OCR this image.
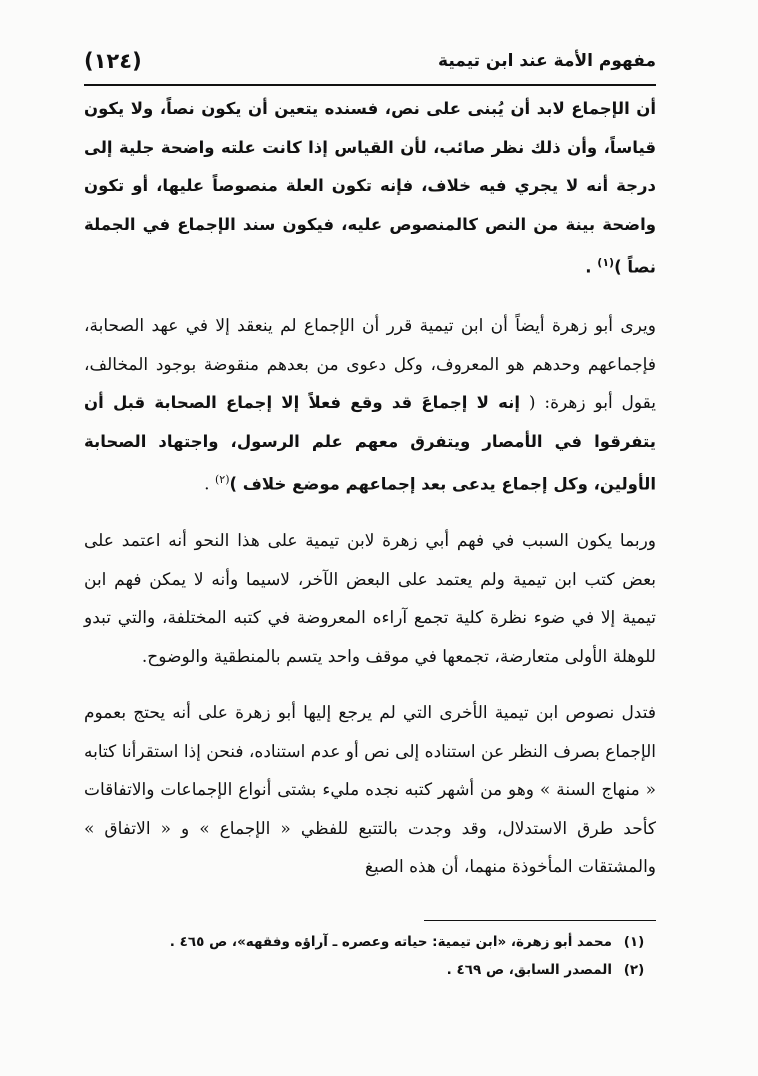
مفهوم الأمة عند ابن تيمية
(١٢٤)

أن الإجماع لابد أن يُبنى على نص، فسنده يتعين أن يكون نصاً، ولا يكون قياساً، وأن ذلك نظر صائب، لأن القياس إذا كانت علته واضحة جلية إلى درجة أنه لا يجري فيه خلاف، فإنه تكون العلة منصوصاً عليها، أو تكون واضحة بينة من النص كالمنصوص عليه، فيكون سند الإجماع في الجملة نصاً )$^{(١)}$ .

ويرى أبو زهرة أيضاً أن ابن تيمية قرر أن الإجماع لم ينعقد إلا في عهد الصحابة، فإجماعهم وحدهم هو المعروف، وكل دعوى من بعدهم منقوضة بوجود المخالف، يقول أبو زهرة: ( إنه لا إجماعَ قد وقع فعلاً إلا إجماع الصحابة قبل أن يتفرقوا في الأمصار ويتفرق معهم علم الرسول، واجتهاد الصحابة الأولين، وكل إجماع يدعى بعد إجماعهم موضع خلاف )$^{(٢)}$ .

وربما يكون السبب في فهم أبي زهرة لابن تيمية على هذا النحو أنه اعتمد على بعض كتب ابن تيمية ولم يعتمد على البعض الآخر، لاسيما وأنه لا يمكن فهم ابن تيمية إلا في ضوء نظرة كلية تجمع آراءه المعروضة في كتبه المختلفة، والتي تبدو للوهلة الأولى متعارضة، تجمعها في موقف واحد يتسم بالمنطقية والوضوح.

فتدل نصوص ابن تيمية الأخرى التي لم يرجع إليها أبو زهرة على أنه يحتج بعموم الإجماع بصرف النظر عن استناده إلى نص أو عدم استناده، فنحن إذا استقرأنا كتابه « منهاج السنة » وهو من أشهر كتبه نجده مليء بشتى أنواع الإجماعات والاتفاقات كأحد طرق الاستدلال، وقد وجدت بالتتبع للفظي « الإجماع » و « الاتفاق » والمشتقات المأخوذة منهما، أن هذه الصيغ

(١)
محمد أبو زهرة، «ابن تيمية: حياته وعصره ـ آراؤه وفقهه»، ص ٤٦٥ .
(٢)
المصدر السابق، ص ٤٦٩ .
